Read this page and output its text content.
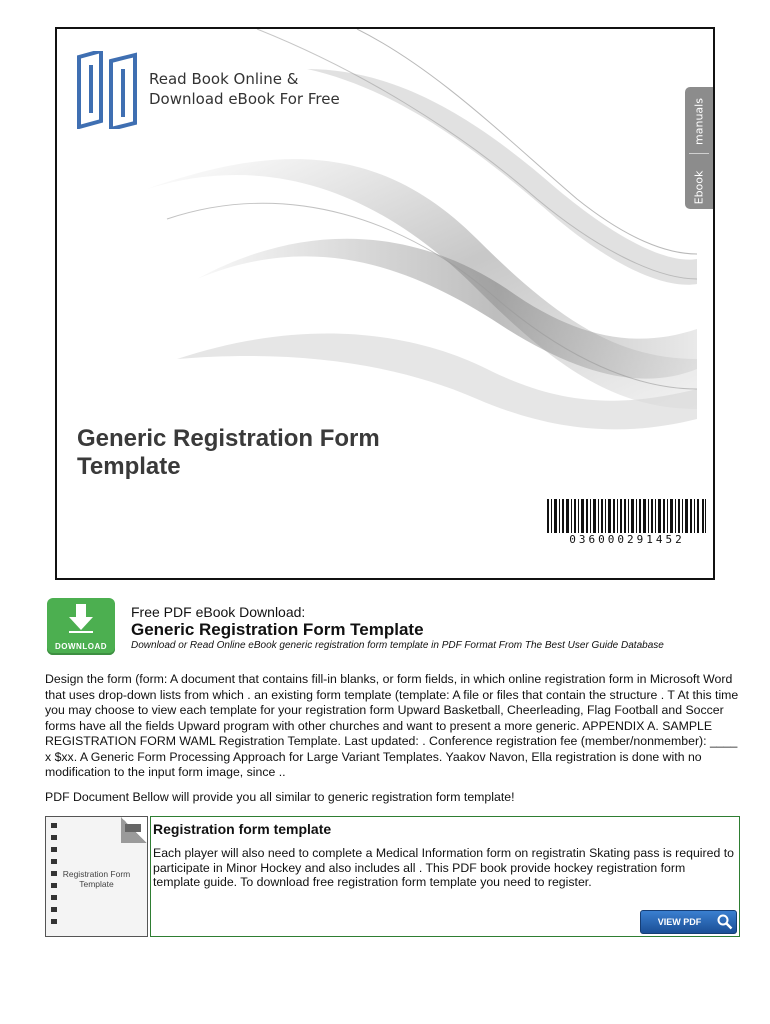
Read Book Online &
Download eBook For Free	manuals
Ebook
Generic Registration Form
Template
036000291452
DOWNLOAD
Free PDF eBook Download:
Generic Registration Form Template
Download or Read Online eBook generic registration form template in PDF Format From The Best User Guide Database
Design the form (form: A document that contains fill-in blanks, or form fields, in which online registration form in Microsoft Word that uses drop-down lists from which . an existing form template (template: A file or files that contain the structure . T At this time you may choose to view each template for your registration form Upward Basketball, Cheerleading, Flag Football and Soccer forms have all the fields Upward program with other churches and want to present a more generic. APPENDIX A. SAMPLE REGISTRATION FORM WAML Registration Template. Last updated: . Conference registration fee (member/nonmember): ____ x $xx. A Generic Form Processing Approach for Large Variant Templates. Yaakov Navon, Ella registration is done with no modification to the input form image, since ..
PDF Document Bellow will provide you all similar to generic registration form template!
Registration Form
Template
Registration form template
Each player will also need to complete a Medical Information form on registratin Skating pass is required to participate in Minor Hockey and also includes all . This PDF book provide hockey registration form template guide. To download free registration form template you need to register.
VIEW PDF
